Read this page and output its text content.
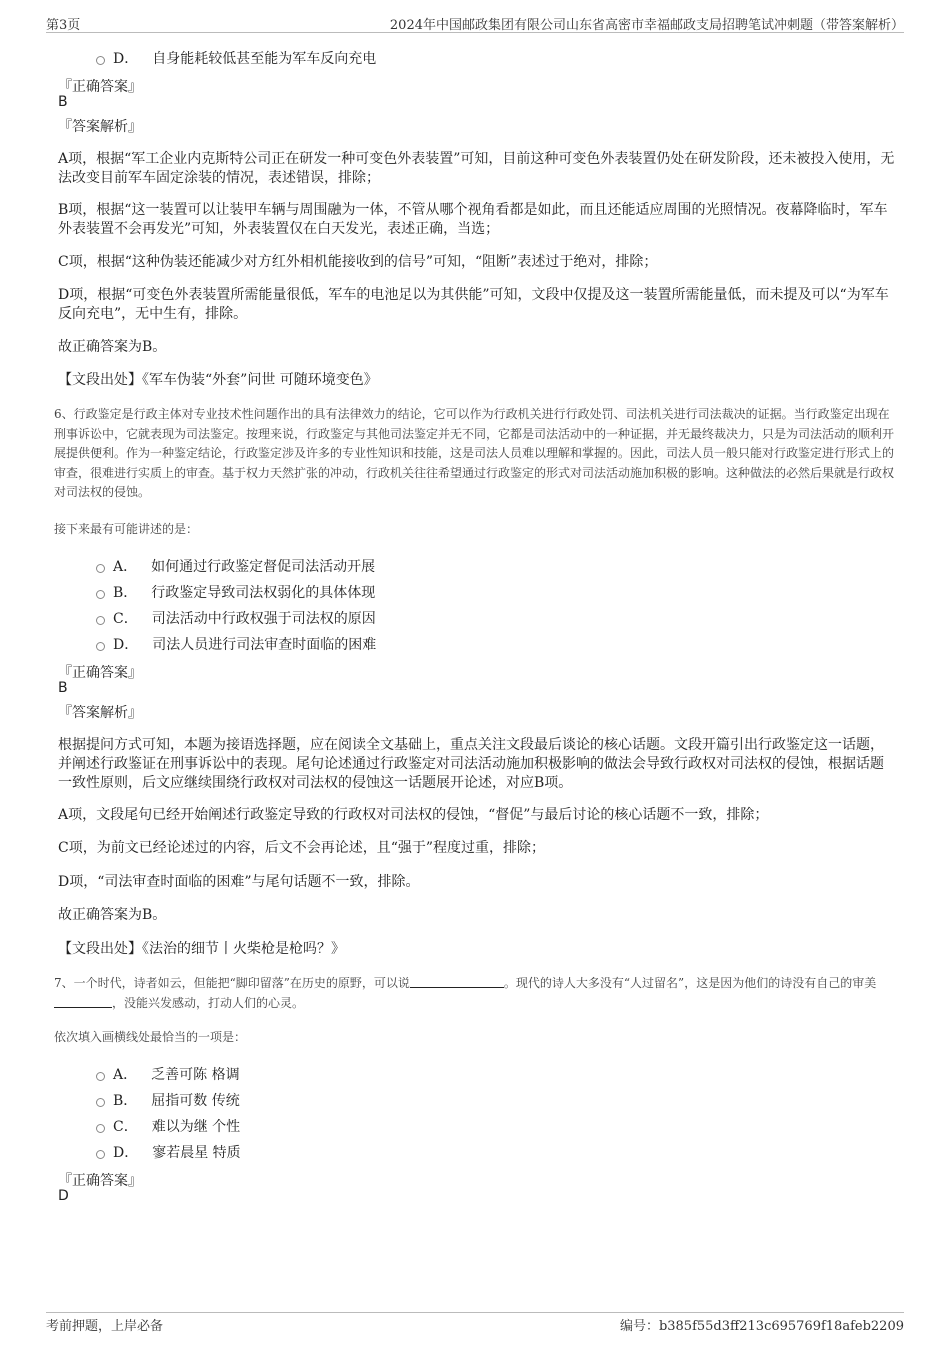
第3页	2024年中国邮政集团有限公司山东省高密市幸福邮政支局招聘笔试冲刺题（带答案解析）
D． 自身能耗较低甚至能为军车反向充电
『正确答案』
B
『答案解析』
A项，根据“军工企业内克斯特公司正在研发一种可变色外表装置”可知，目前这种可变色外表装置仍处在研发阶段，还未被投入使用，无法改变目前军车固定涂装的情况，表述错误，排除；
B项，根据“这一装置可以让装甲车辆与周围融为一体，不管从哪个视角看都是如此，而且还能适应周围的光照情况。夜幕降临时，军车外表装置不会再发光”可知，外表装置仅在白天发光，表述正确，当选；
C项，根据“这种伪装还能减少对方红外相机能接收到的信号”可知，“阻断”表述过于绝对，排除；
D项，根据“可变色外表装置所需能量很低，军车的电池足以为其供能”可知，文段中仅提及这一装置所需能量低，而未提及可以“为军车反向充电”，无中生有，排除。
故正确答案为B。
【文段出处】《军车伪装“外套”问世 可随环境变色》
6、行政鉴定是行政主体对专业技术性问题作出的具有法律效力的结论，它可以作为行政机关进行行政处罚、司法机关进行司法裁决的证据。当行政鉴定出现在刑事诉讼中，它就表现为司法鉴定。按理来说，行政鉴定与其他司法鉴定并无不同，它都是司法活动中的一种证据，并无最终裁决力，只是为司法活动的顺利开展提供便利。作为一种鉴定结论，行政鉴定涉及许多的专业性知识和技能，这是司法人员难以理解和掌握的。因此，司法人员一般只能对行政鉴定进行形式上的审查，很难进行实质上的审查。基于权力天然扩张的冲动，行政机关往往希望通过行政鉴定的形式对司法活动施加积极的影响。这种做法的必然后果就是行政权对司法权的侵蚀。
接下来最有可能讲述的是：
A． 如何通过行政鉴定督促司法活动开展
B． 行政鉴定导致司法权弱化的具体体现
C． 司法活动中行政权强于司法权的原因
D． 司法人员进行司法审查时面临的困难
『正确答案』
B
『答案解析』
根据提问方式可知，本题为接语选择题，应在阅读全文基础上，重点关注文段最后谈论的核心话题。文段开篇引出行政鉴定这一话题，并阐述行政鉴证在刑事诉讼中的表现。尾句论述通过行政鉴定对司法活动施加积极影响的做法会导致行政权对司法权的侵蚀，根据话题一致性原则，后文应继续围绕行政权对司法权的侵蚀这一话题展开论述，对应B项。
A项，文段尾句已经开始阐述行政鉴定导致的行政权对司法权的侵蚀，“督促”与最后讨论的核心话题不一致，排除；
C项，为前文已经论述过的内容，后文不会再论述，且“强于”程度过重，排除；
D项，“司法审查时面临的困难”与尾句话题不一致，排除。
故正确答案为B。
【文段出处】《法治的细节丨火柴枪是枪吗？》
7、一个时代，诗者如云，但能把“脚印留落”在历史的原野，可以说	。现代的诗人大多没有“人过留名”，这是因为他们的诗没有自己的审美，没能兴发感动，打动人们的心灵。
依次填入画横线处最恰当的一项是：
A． 乏善可陈 格调
B． 屈指可数 传统
C． 难以为继 个性
D． 寥若晨星 特质
『正确答案』
D
考前押题，上岸必备	编号：b385f55d3ff213c695769f18afeb2209
